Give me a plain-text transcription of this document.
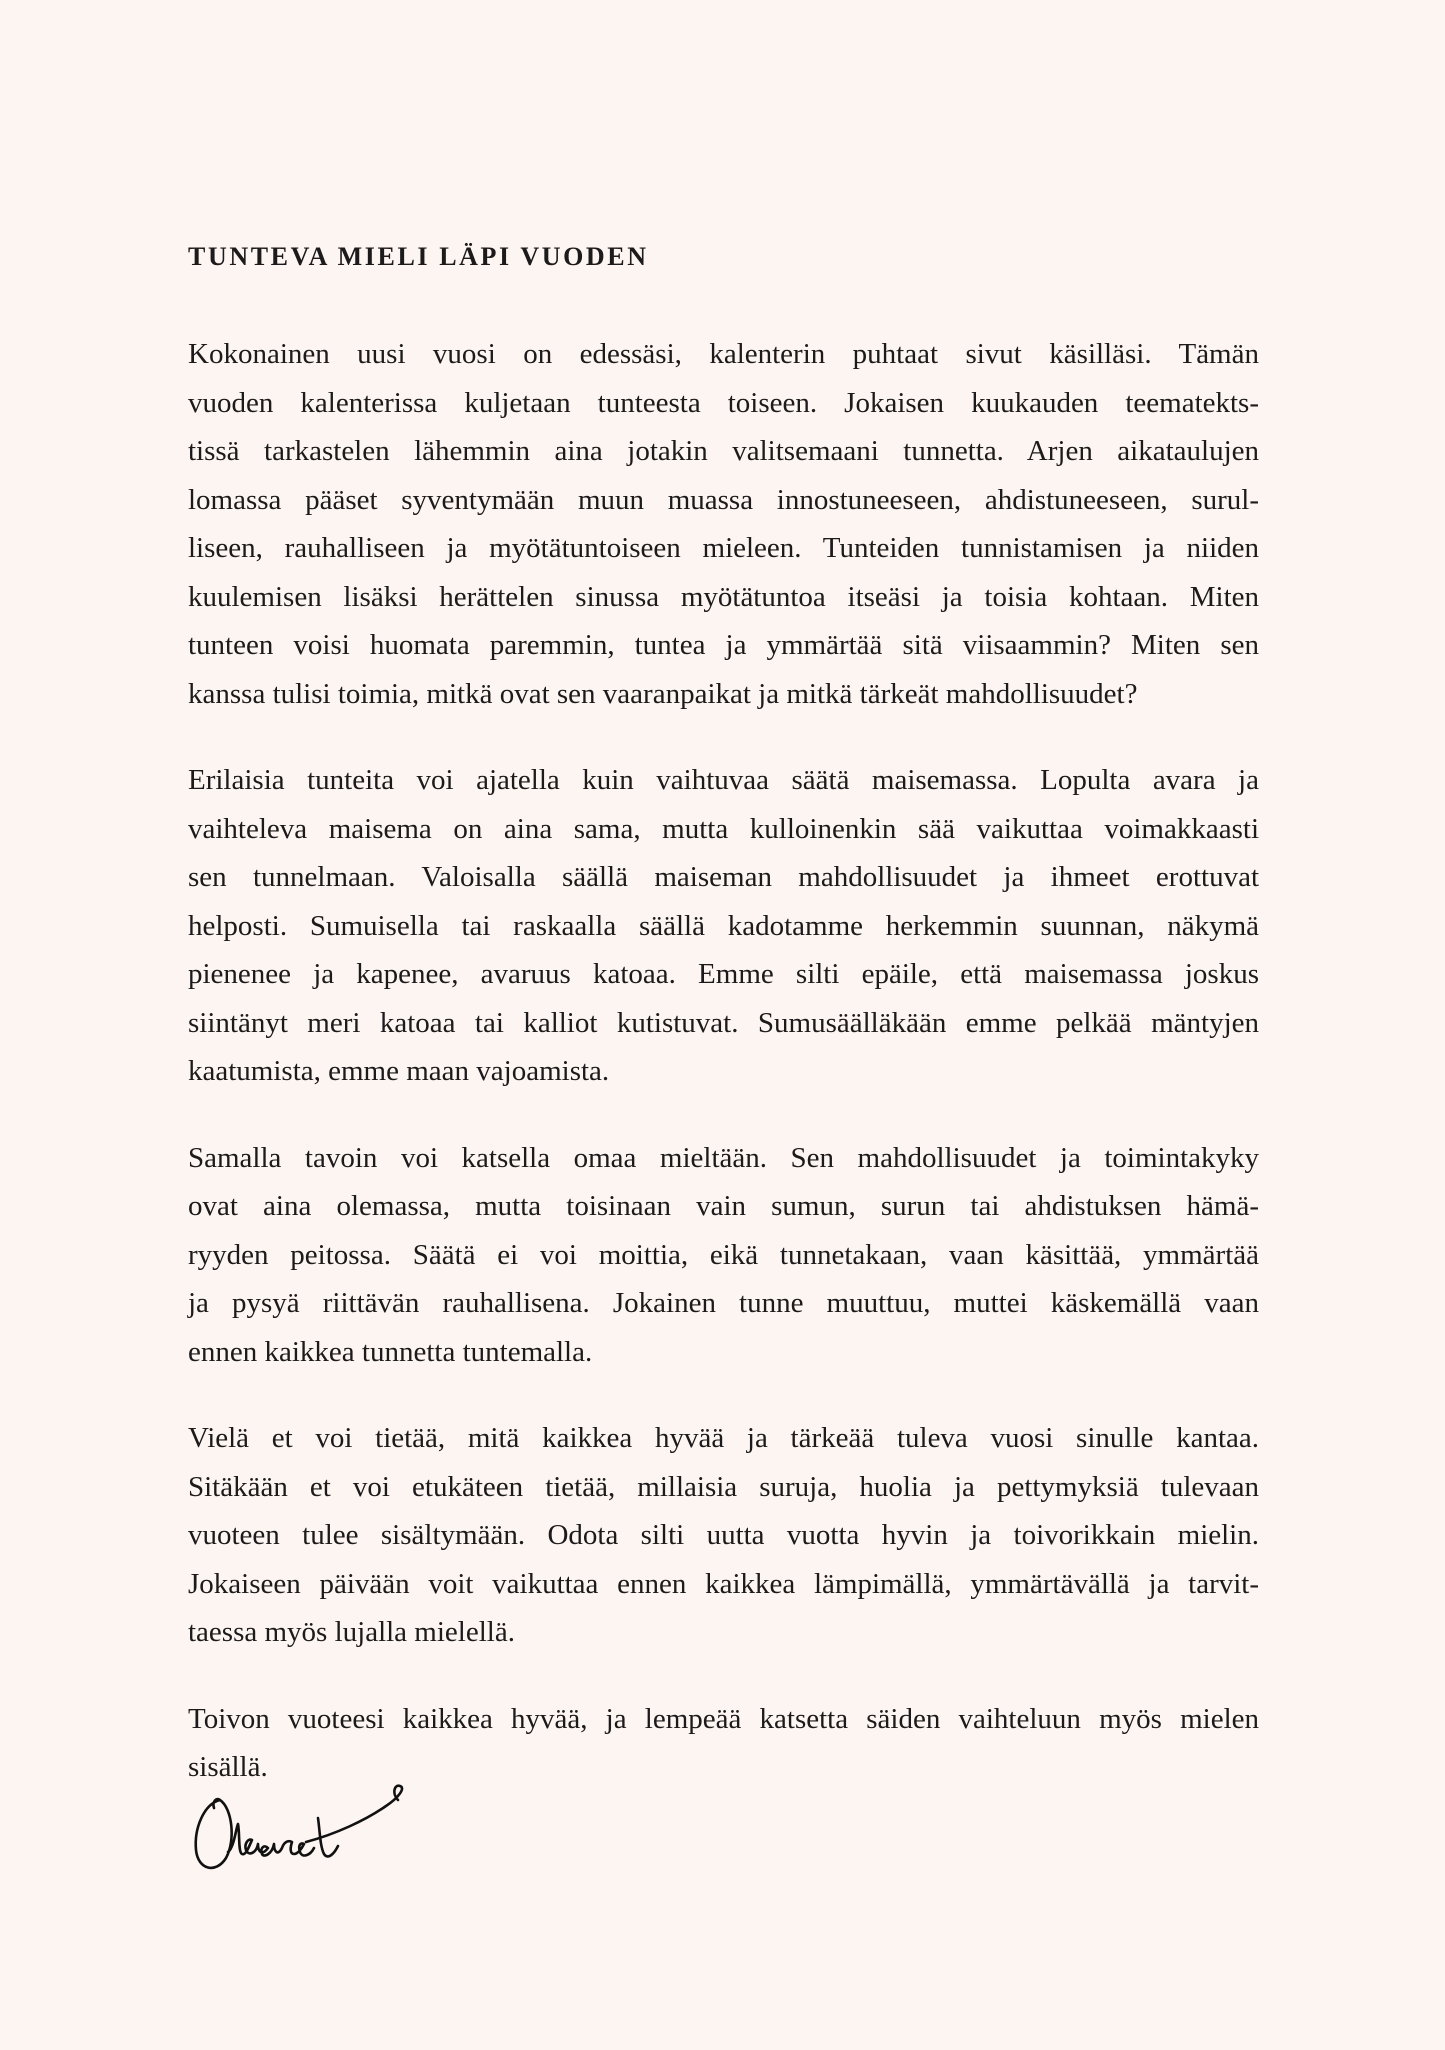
TUNTEVA MIELI LÄPI VUODEN

Kokonainen uusi vuosi on edessäsi, kalenterin puhtaat sivut käsilläsi. Tämän
vuoden kalenterissa kuljetaan tunteesta toiseen. Jokaisen kuukauden teematekts-
tissä tarkastelen lähemmin aina jotakin valitsemaani tunnetta. Arjen aikataulujen
lomassa pääset syventymään muun muassa innostuneeseen, ahdistuneeseen, surul-
liseen, rauhalliseen ja myötätuntoiseen mieleen. Tunteiden tunnistamisen ja niiden
kuulemisen lisäksi herättelen sinussa myötätuntoa itseäsi ja toisia kohtaan. Miten
tunteen voisi huomata paremmin, tuntea ja ymmärtää sitä viisaammin? Miten sen
kanssa tulisi toimia, mitkä ovat sen vaaranpaikat ja mitkä tärkeät mahdollisuudet?

Erilaisia tunteita voi ajatella kuin vaihtuvaa säätä maisemassa. Lopulta avara ja
vaihteleva maisema on aina sama, mutta kulloinenkin sää vaikuttaa voimakkaasti
sen tunnelmaan. Valoisalla säällä maiseman mahdollisuudet ja ihmeet erottuvat
helposti. Sumuisella tai raskaalla säällä kadotamme herkemmin suunnan, näkymä
pienenee ja kapenee, avaruus katoaa. Emme silti epäile, että maisemassa joskus
siintänyt meri katoaa tai kalliot kutistuvat. Sumusäälläkään emme pelkää mäntyjen
kaatumista, emme maan vajoamista.

Samalla tavoin voi katsella omaa mieltään. Sen mahdollisuudet ja toimintakyky
ovat aina olemassa, mutta toisinaan vain sumun, surun tai ahdistuksen hämä-
ryyden peitossa. Säätä ei voi moittia, eikä tunnetakaan, vaan käsittää, ymmärtää
ja pysyä riittävän rauhallisena. Jokainen tunne muuttuu, muttei käskemällä vaan
ennen kaikkea tunnetta tuntemalla.

Vielä et voi tietää, mitä kaikkea hyvää ja tärkeää tuleva vuosi sinulle kantaa.
Sitäkään et voi etukäteen tietää, millaisia suruja, huolia ja pettymyksiä tulevaan
vuoteen tulee sisältymään. Odota silti uutta vuotta hyvin ja toivorikkain mielin.
Jokaiseen päivään voit vaikuttaa ennen kaikkea lämpimällä, ymmärtävällä ja tarvit-
taessa myös lujalla mielellä.

Toivon vuoteesi kaikkea hyvää, ja lempeää katsetta säiden vaihteluun myös mielen
sisällä.
